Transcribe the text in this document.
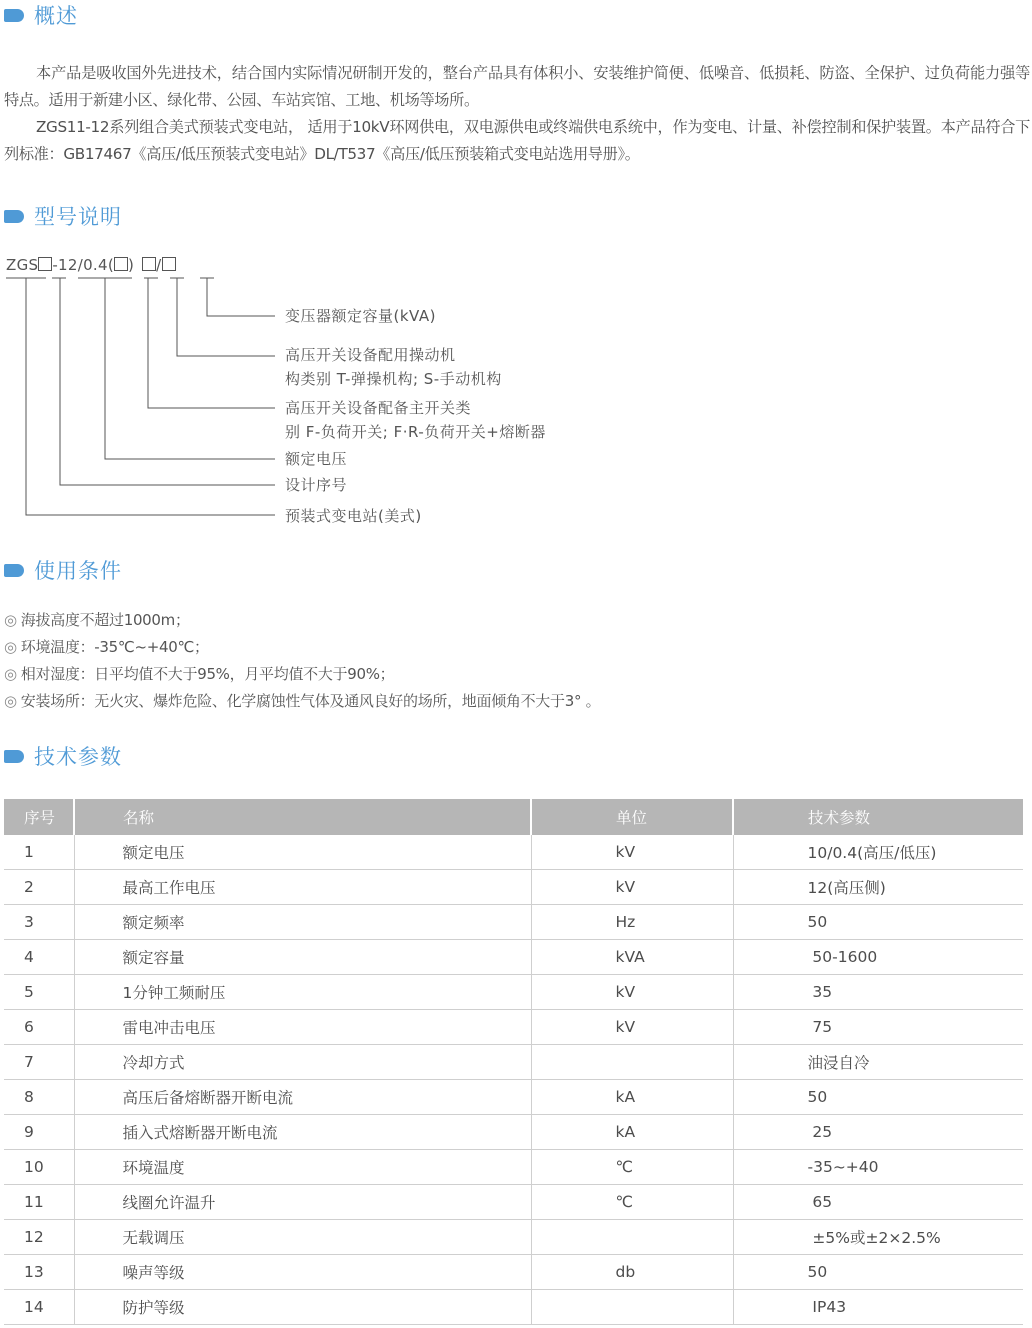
概述

本产品是吸收国外先进技术，结合国内实际情况研制开发的，整台产品具有体积小、安装维护简便、低噪音、低损耗、防盗、全保护、过负荷能力强等特点。适用于新建小区、绿化带、公园、车站宾馆、工地、机场等场所。

ZGS11-12系列组合美式预装式变电站， 适用于10kV环网供电，双电源供电或终端供电系统中，作为变电、计量、补偿控制和保护装置。本产品符合下列标准：GB17467《高压/低压预装式变电站》DL/T537《高压/低压预装箱式变电站选用导册》。

型号说明
ZGS -12/0.4( ) /
变压器额定容量(kVA)
高压开关设备配用操动机
构类别 T-弹操机构; S-手动机构
高压开关设备配备主开关类
别 F-负荷开关; F·R-负荷开关+熔断器
额定电压
设计序号
预装式变电站(美式)
使用条件
◎ 海拔高度不超过1000m；
◎ 环境温度：-35℃~+40℃；
◎ 相对湿度：日平均值不大于95%，月平均值不大于90%；
◎ 安装场所：无火灾、爆炸危险、化学腐蚀性气体及通风良好的场所，地面倾角不大于3° 。
技术参数
序号	名称	单位	技术参数
1	额定电压	kV	10/0.4(高压/低压)
2	最高工作电压	kV	12(高压侧)
3	额定频率	Hz	50
4	额定容量	kVA	50-1600
5	1分钟工频耐压	kV	35
6	雷电冲击电压	kV	75
7	冷却方式		油浸自冷
8	高压后备熔断器开断电流	kA	50
9	插入式熔断器开断电流	kA	25
10	环境温度	℃	-35~+40
11	线圈允许温升	℃	65
12	无载调压		±5%或±2×2.5%
13	噪声等级	db	50
14	防护等级		IP43
